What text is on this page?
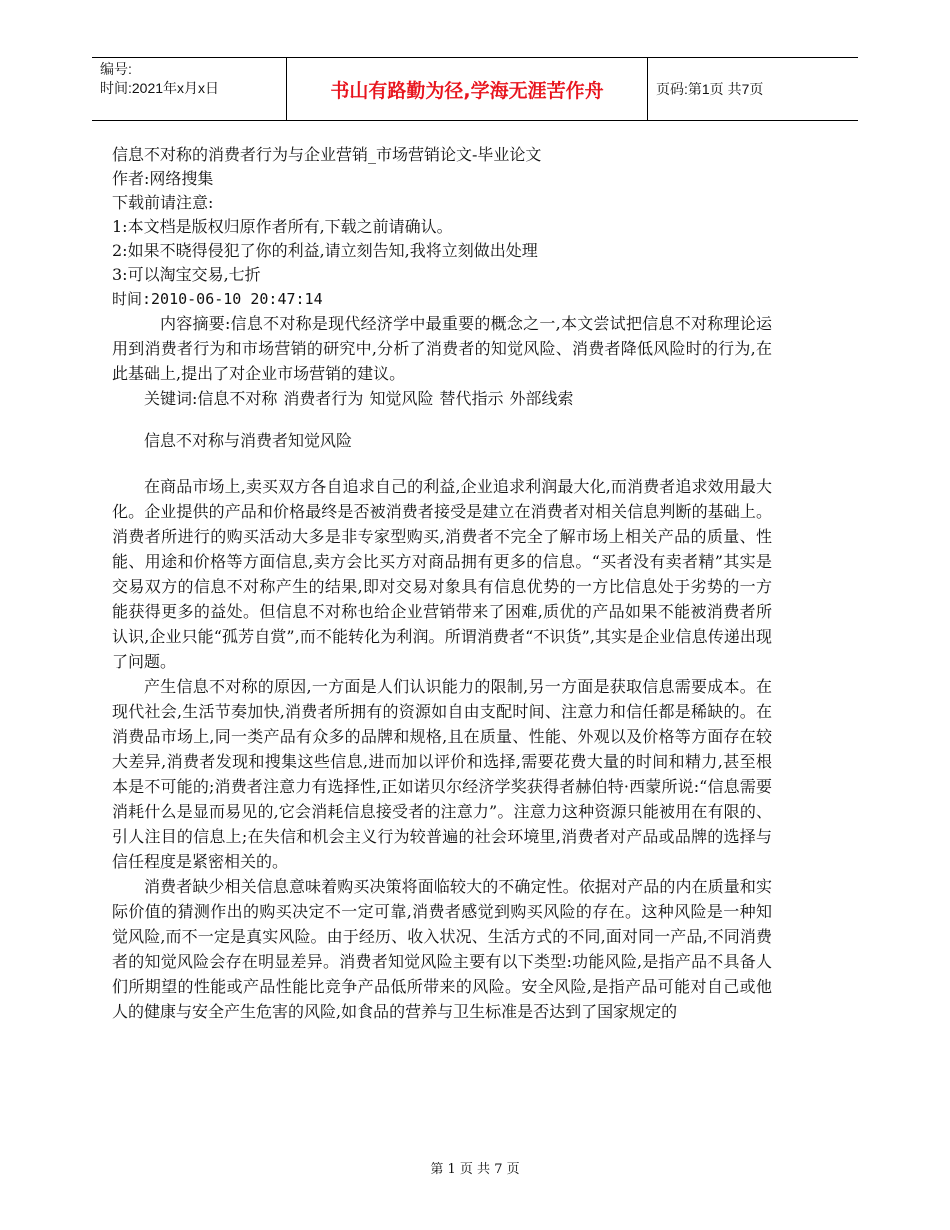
编号:
时间:2021年x月x日	书山有路勤为径,学海无涯苦作舟	页码:第1页 共7页
信息不对称的消费者行为与企业营销_市场营销论文-毕业论文
作者:网络搜集
下载前请注意:
1:本文档是版权归原作者所有,下载之前请确认。
2:如果不晓得侵犯了你的利益,请立刻告知,我将立刻做出处理
3:可以淘宝交易,七折
时间:2010-06-10 20:47:14

内容摘要:信息不对称是现代经济学中最重要的概念之一,本文尝试把信息不对称理论运用到消费者行为和市场营销的研究中,分析了消费者的知觉风险、消费者降低风险时的行为,在此基础上,提出了对企业市场营销的建议。

关键词:信息不对称 消费者行为 知觉风险 替代指示 外部线索

信息不对称与消费者知觉风险

在商品市场上,卖买双方各自追求自己的利益,企业追求利润最大化,而消费者追求效用最大化。企业提供的产品和价格最终是否被消费者接受是建立在消费者对相关信息判断的基础上。消费者所进行的购买活动大多是非专家型购买,消费者不完全了解市场上相关产品的质量、性能、用途和价格等方面信息,卖方会比买方对商品拥有更多的信息。“买者没有卖者精”其实是交易双方的信息不对称产生的结果,即对交易对象具有信息优势的一方比信息处于劣势的一方能获得更多的益处。但信息不对称也给企业营销带来了困难,质优的产品如果不能被消费者所认识,企业只能“孤芳自赏”,而不能转化为利润。所谓消费者“不识货”,其实是企业信息传递出现了问题。

产生信息不对称的原因,一方面是人们认识能力的限制,另一方面是获取信息需要成本。在现代社会,生活节奏加快,消费者所拥有的资源如自由支配时间、注意力和信任都是稀缺的。在消费品市场上,同一类产品有众多的品牌和规格,且在质量、性能、外观以及价格等方面存在较大差异,消费者发现和搜集这些信息,进而加以评价和选择,需要花费大量的时间和精力,甚至根本是不可能的;消费者注意力有选择性,正如诺贝尔经济学奖获得者赫伯特·西蒙所说:“信息需要消耗什么是显而易见的,它会消耗信息接受者的注意力”。注意力这种资源只能被用在有限的、引人注目的信息上;在失信和机会主义行为较普遍的社会环境里,消费者对产品或品牌的选择与信任程度是紧密相关的。

消费者缺少相关信息意味着购买决策将面临较大的不确定性。依据对产品的内在质量和实际价值的猜测作出的购买决定不一定可靠,消费者感觉到购买风险的存在。这种风险是一种知觉风险,而不一定是真实风险。由于经历、收入状况、生活方式的不同,面对同一产品,不同消费者的知觉风险会存在明显差异。消费者知觉风险主要有以下类型:功能风险,是指产品不具备人们所期望的性能或产品性能比竞争产品低所带来的风险。安全风险,是指产品可能对自己或他人的健康与安全产生危害的风险,如食品的营养与卫生标准是否达到了国家规定的

第 1 页 共 7 页
